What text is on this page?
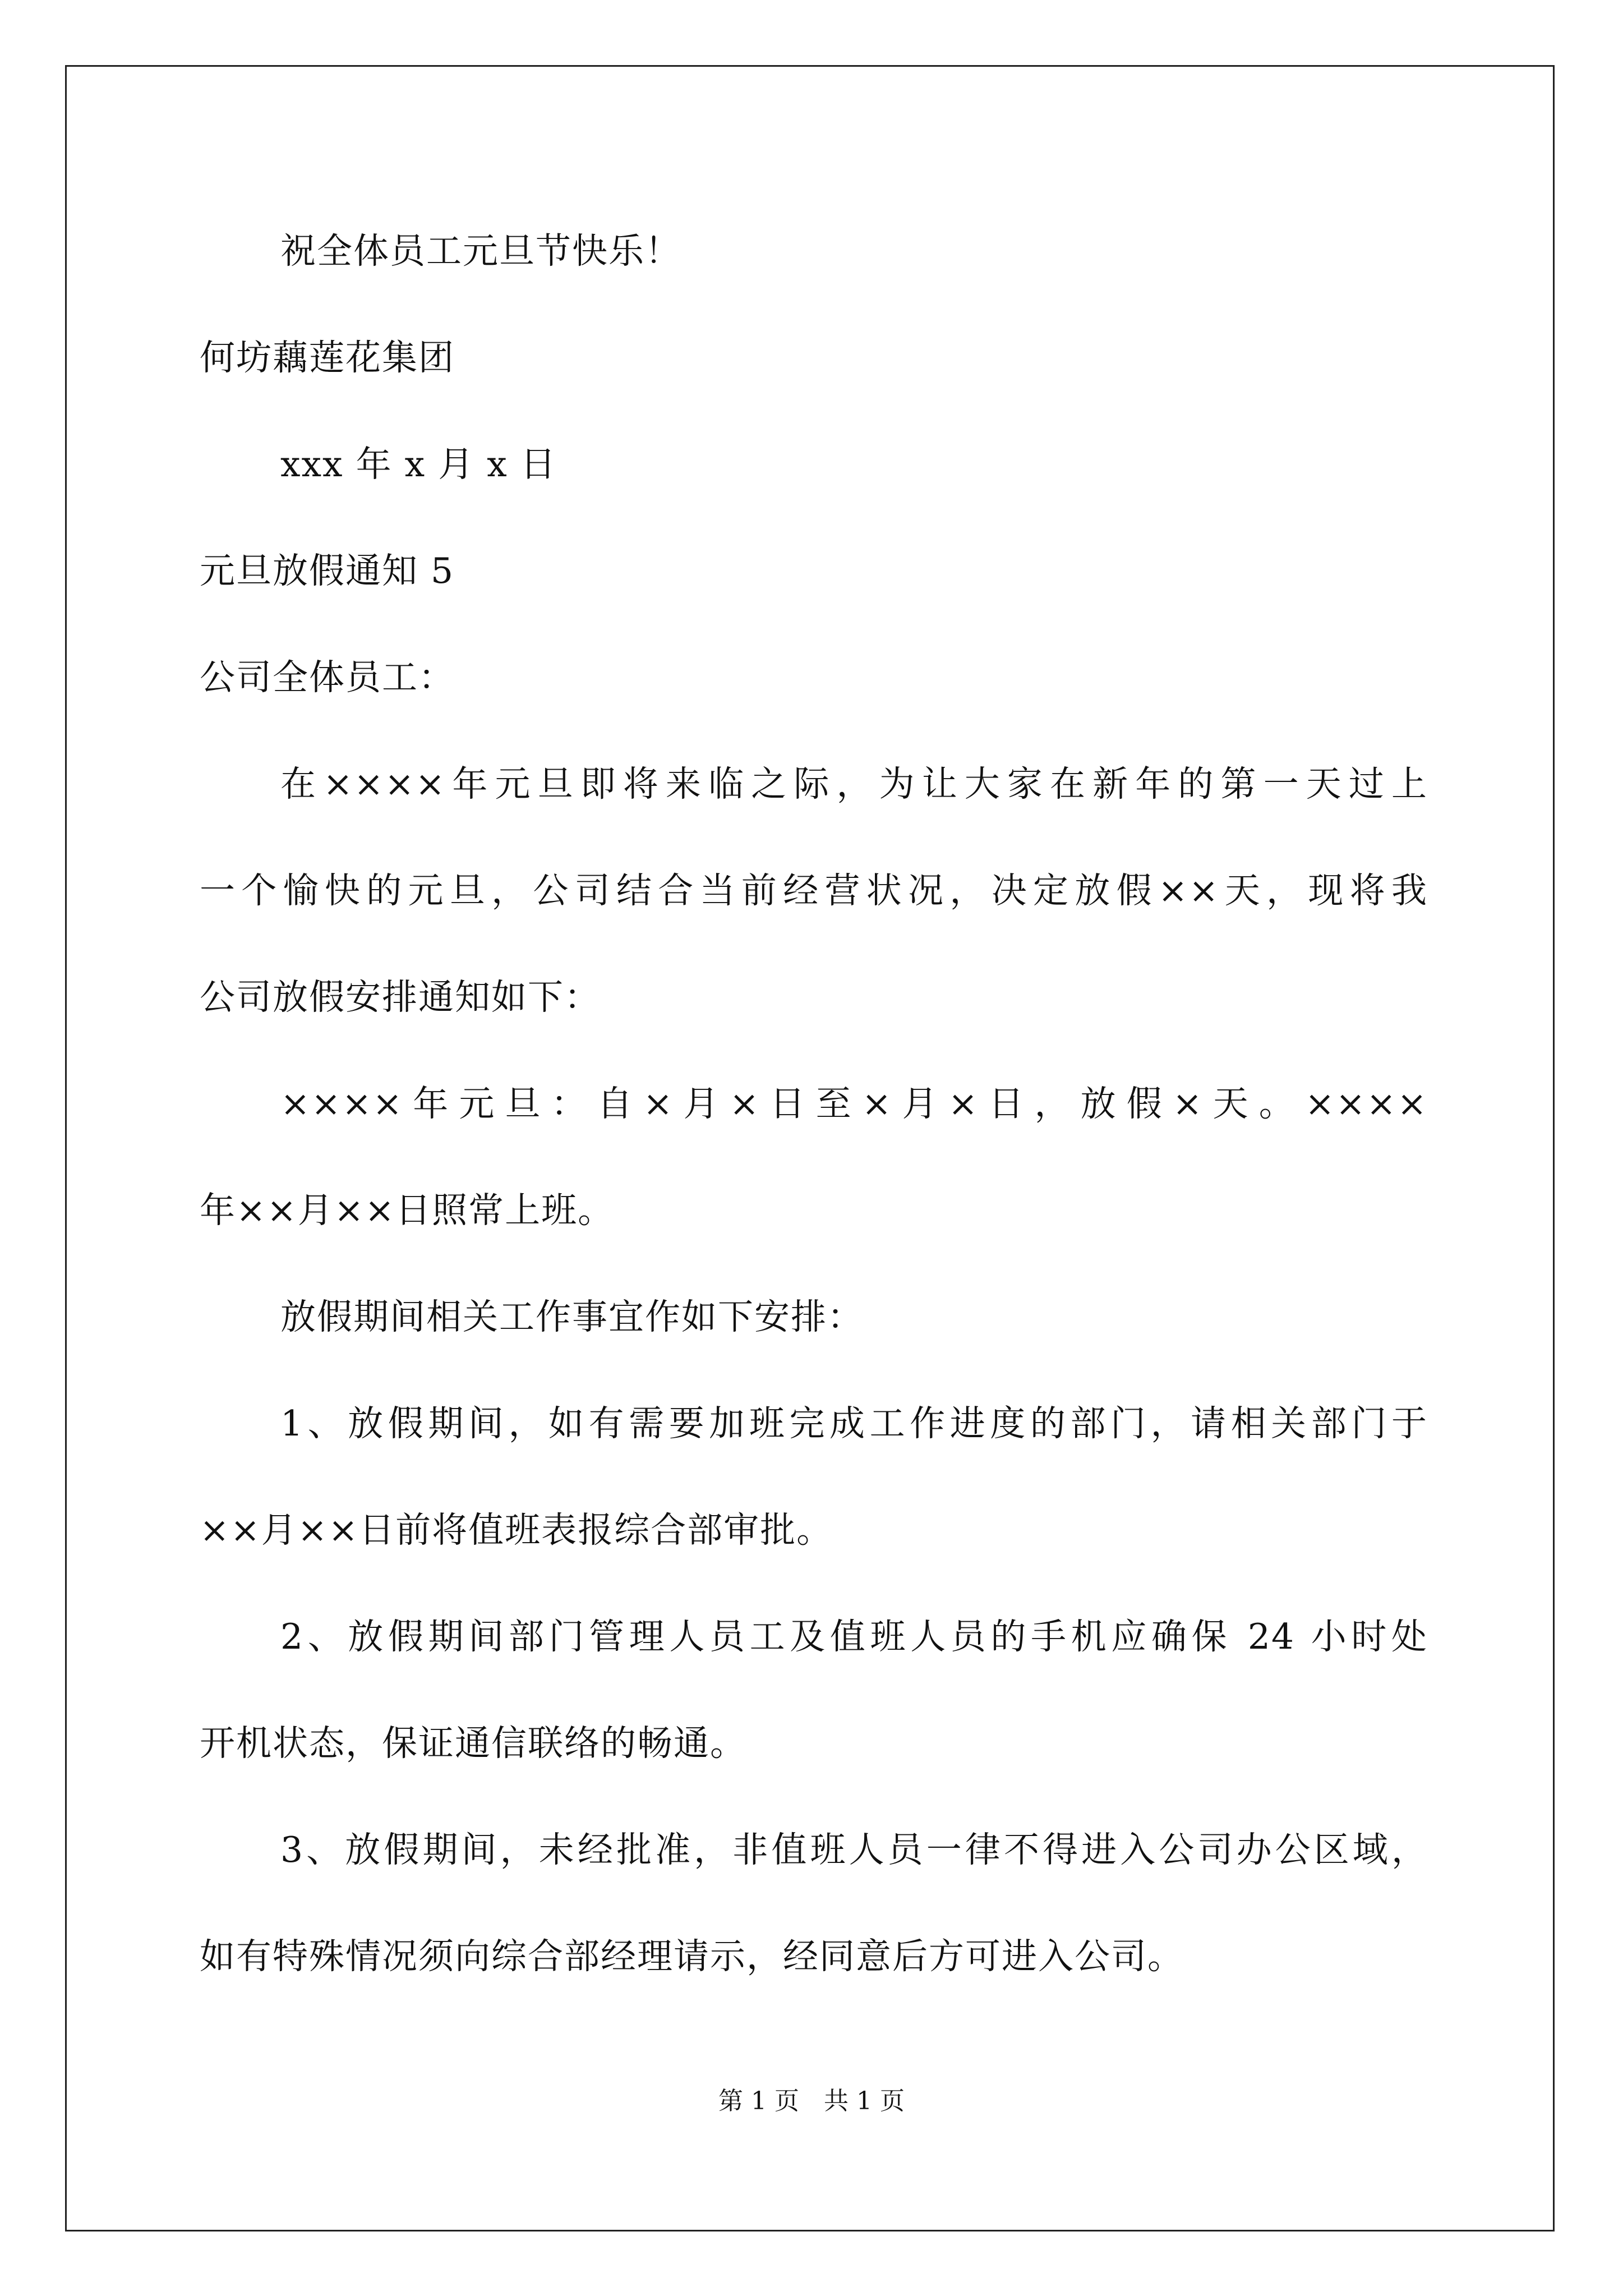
祝全体员工元旦节快乐！
何坊藕莲花集团
xxx 年 x 月 x 日
元旦放假通知 5
公司全体员工：
在××××年元旦即将来临之际，为让大家在新年的第一天过上
一个愉快的元旦，公司结合当前经营状况，决定放假××天，现将我
公司放假安排通知如下：
××××年元旦：自×月×日至×月×日，放假×天。××××
年××月××日照常上班。
放假期间相关工作事宜作如下安排：
1、放假期间，如有需要加班完成工作进度的部门，请相关部门于
××月××日前将值班表报综合部审批。
2、放假期间部门管理人员工及值班人员的手机应确保 24 小时处
开机状态，保证通信联络的畅通。
3、放假期间，未经批准，非值班人员一律不得进入公司办公区域，
如有特殊情况须向综合部经理请示，经同意后方可进入公司。
第 1 页　共 1 页
